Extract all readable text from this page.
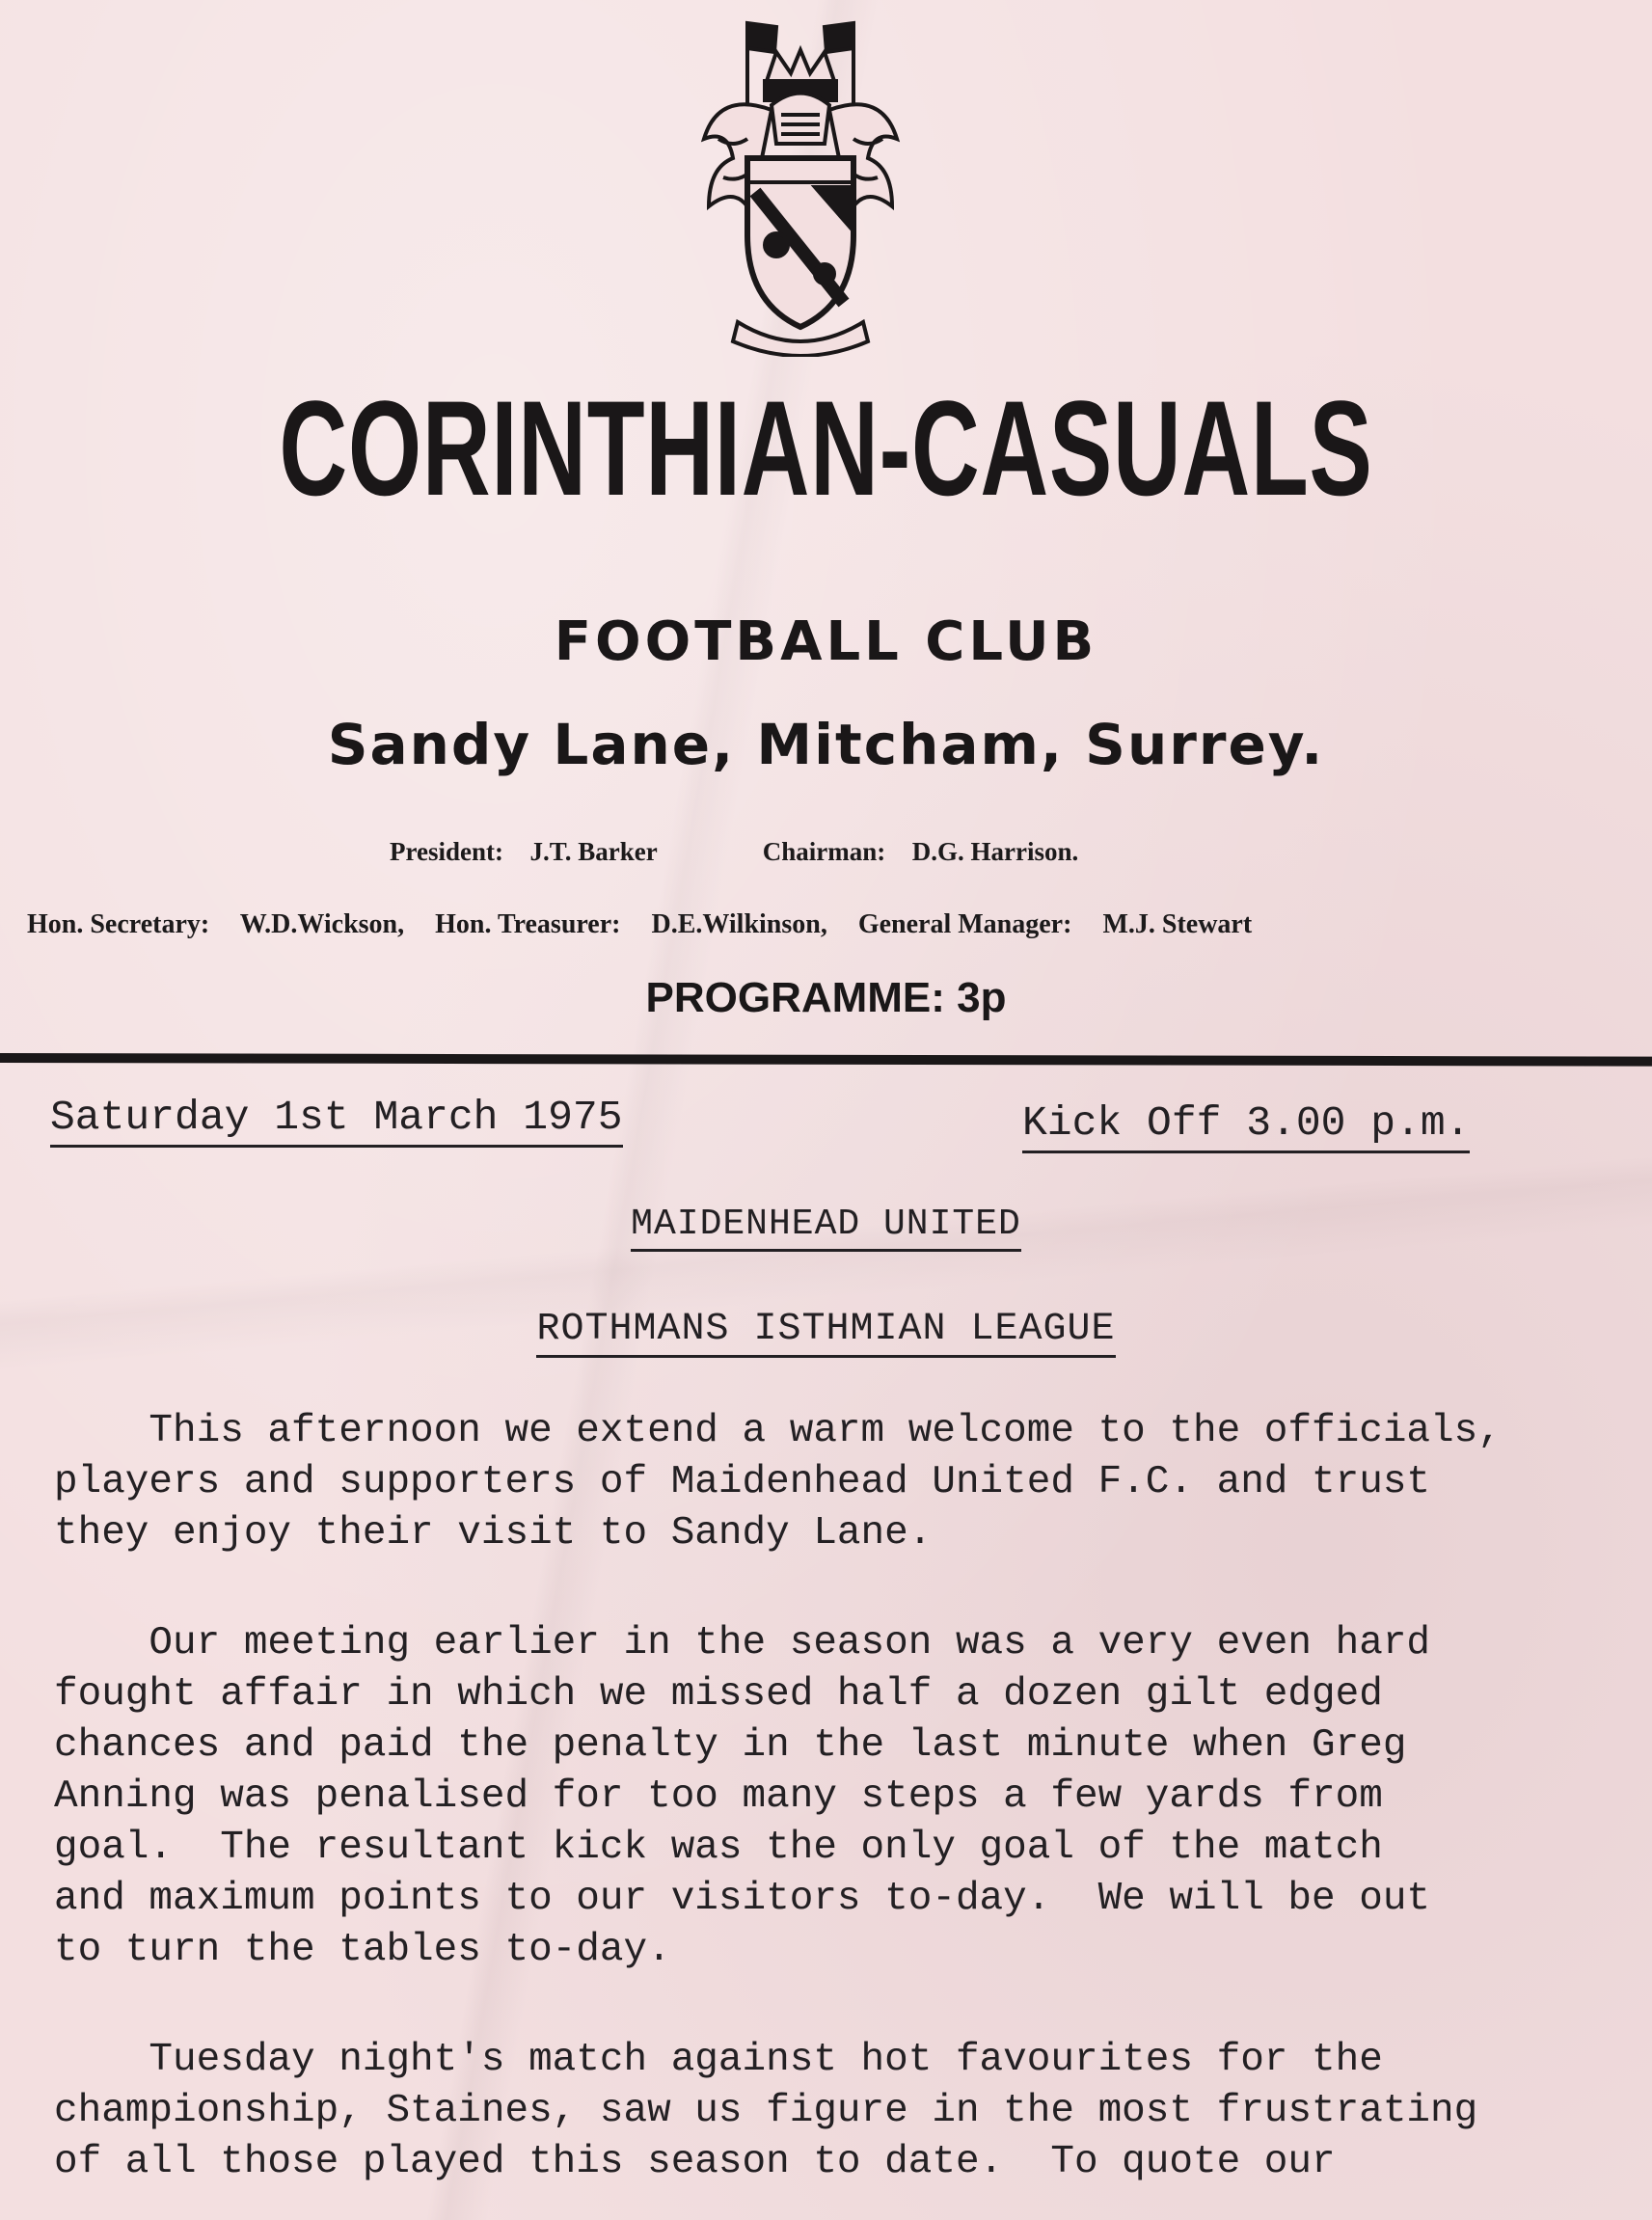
CORINTHIAN-CASUALS
FOOTBALL CLUB
Sandy Lane, Mitcham, Surrey.
President: J.T. Barker	Chairman: D.G. Harrison.
Hon. Secretary: W.D.Wickson, Hon. Treasurer: D.E.Wilkinson, General Manager: M.J. Stewart
PROGRAMME: 3p
Saturday 1st March 1975	Kick Off 3.00 p.m.
MAIDENHEAD UNITED
ROTHMANS ISTHMIAN LEAGUE
This afternoon we extend a warm welcome to the officials,
players and supporters of Maidenhead United F.C. and trust
they enjoy their visit to Sandy Lane.
Our meeting earlier in the season was a very even hard
fought affair in which we missed half a dozen gilt edged
chances and paid the penalty in the last minute when Greg
Anning was penalised for too many steps a few yards from
goal.  The resultant kick was the only goal of the match
and maximum points to our visitors to-day.  We will be out
to turn the tables to-day.
Tuesday night's match against hot favourites for the
championship, Staines, saw us figure in the most frustrating
of all those played this season to date.  To quote our
